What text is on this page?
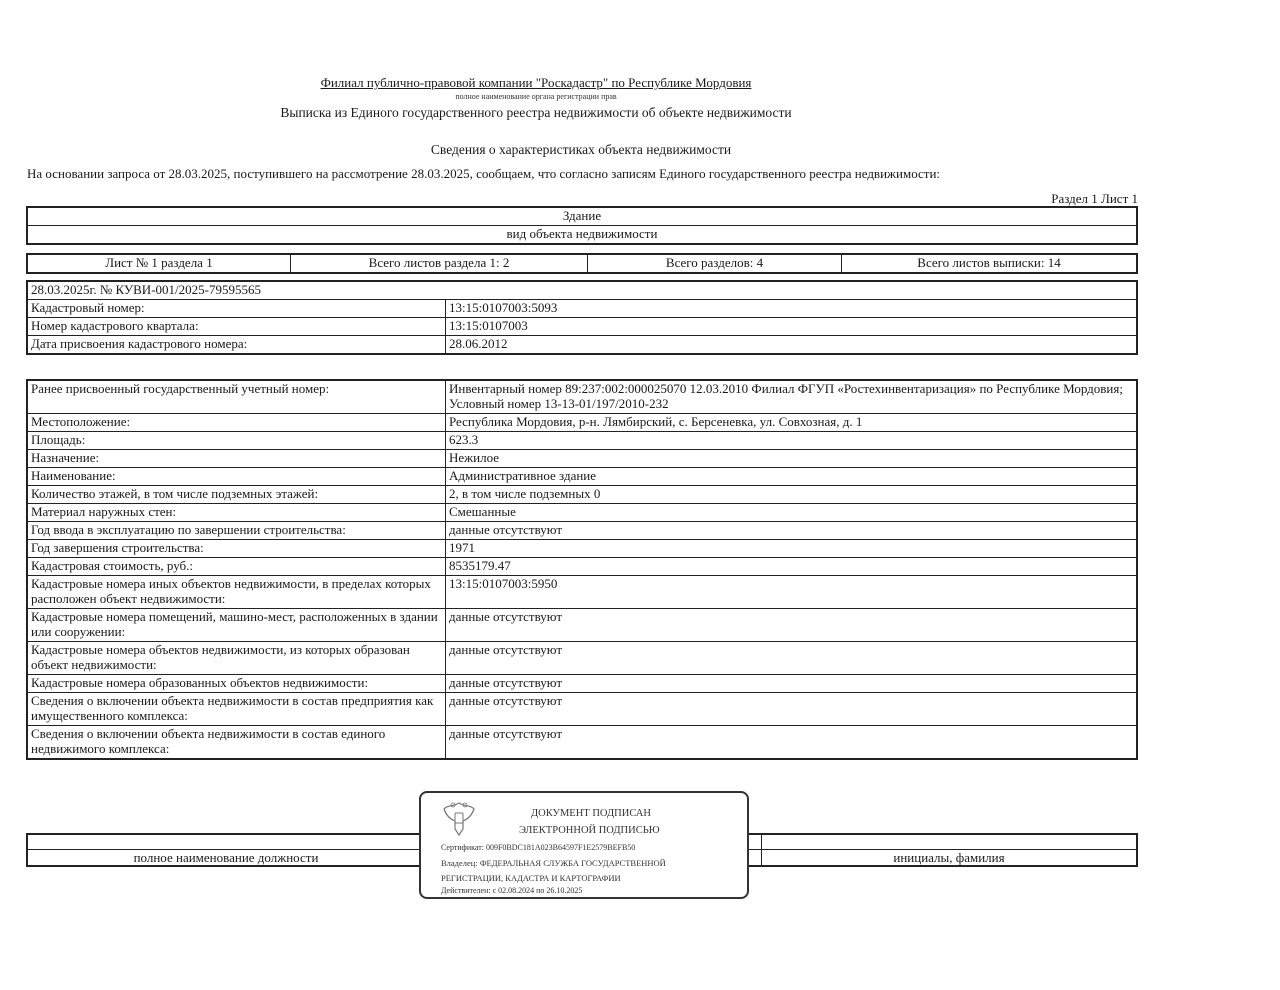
Филиал публично-правовой компании "Роскадастр" по Республике Мордовия
полное наименование органа регистрации прав
Выписка из Единого государственного реестра недвижимости об объекте недвижимости
Сведения о характеристиках объекта недвижимости
На основании запроса от 28.03.2025, поступившего на рассмотрение 28.03.2025, сообщаем, что согласно записям Единого государственного реестра недвижимости:
Раздел 1 Лист 1
Здание
вид объекта недвижимости
Лист № 1 раздела 1	Всего листов раздела 1: 2	Всего разделов: 4	Всего листов выписки: 14
28.03.2025г. № КУВИ-001/2025-79595565	
Кадастровый номер:	13:15:0107003:5093
Номер кадастрового квартала:	13:15:0107003
Дата присвоения кадастрового номера:	28.06.2012
Ранее присвоенный государственный учетный номер:	Инвентарный номер 89:237:002:000025070 12.03.2010 Филиал ФГУП «Ростехинвентаризация» по Республике Мордовия; Условный номер 13-13-01/197/2010-232
Местоположение:	Республика Мордовия, р-н. Лямбирский, с. Берсеневка, ул. Совхозная, д. 1
Площадь:	623.3
Назначение:	Нежилое
Наименование:	Административное здание
Количество этажей, в том числе подземных этажей:	2, в том числе подземных 0
Материал наружных стен:	Смешанные
Год ввода в эксплуатацию по завершении строительства:	данные отсутствуют
Год завершения строительства:	1971
Кадастровая стоимость, руб.:	8535179.47
Кадастровые номера иных объектов недвижимости, в пределах которых расположен объект недвижимости:	13:15:0107003:5950
Кадастровые номера помещений, машино-мест, расположенных в здании или сооружении:	данные отсутствуют
Кадастровые номера объектов недвижимости, из которых образован объект недвижимости:	данные отсутствуют
Кадастровые номера образованных объектов недвижимости:	данные отсутствуют
Сведения о включении объекта недвижимости в состав предприятия как имущественного комплекса:	данные отсутствуют
Сведения о включении объекта недвижимости в состав единого недвижимого комплекса:	данные отсутствуют

полное наименование должности		инициалы, фамилия
ДОКУМЕНТ ПОДПИСАН
ЭЛЕКТРОННОЙ ПОДПИСЬЮ
Сертификат: 009F0BDC181A023B64597F1E2579BEFB50
Владелец: ФЕДЕРАЛЬНАЯ СЛУЖБА ГОСУДАРСТВЕННОЙ
РЕГИСТРАЦИИ, КАДАСТРА И КАРТОГРАФИИ
Действителен: с 02.08.2024 по 26.10.2025
